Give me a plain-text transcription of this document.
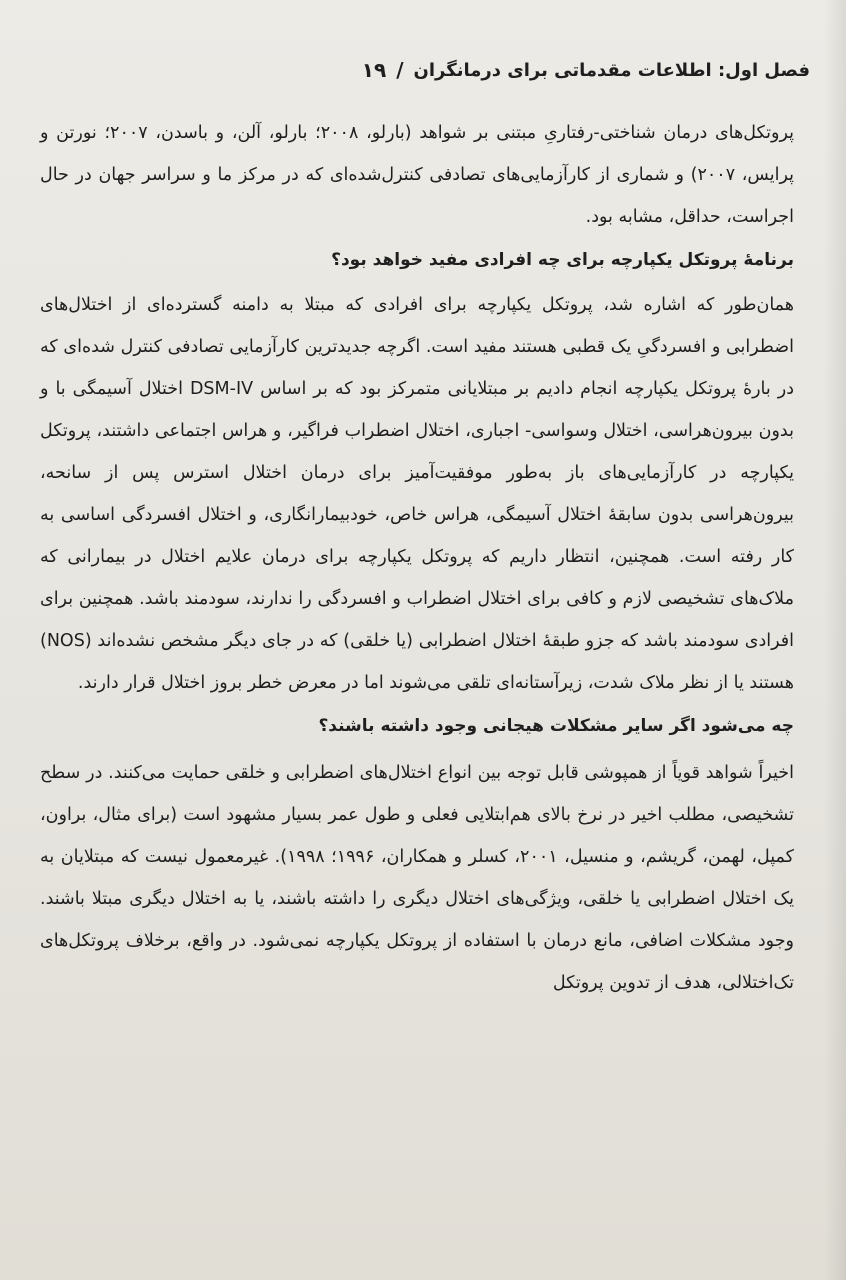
فصل اول: اطلاعات مقدماتی برای درمانگران
/
۱۹

پروتکل‌های درمان شناختی-رفتاریِ مبتنی بر شواهد (بارلو، ۲۰۰۸؛ بارلو، آلن، و باسدن، ۲۰۰۷؛ نورتن و پرایس، ۲۰۰۷) و شماری از کارآزمایی‌های تصادفی کنترل‌شده‌ای که در مرکز ما و سراسر جهان در حال اجراست، حداقل، مشابه بود.

برنامهٔ پروتکل یکپارچه برای چه افرادی مفید خواهد بود؟

همان‌طور که اشاره شد، پروتکل یکپارچه برای افرادی که مبتلا به دامنه گسترده‌ای از اختلال‌های اضطرابی و افسردگیِ یک قطبی هستند مفید است. اگرچه جدیدترین کارآزمایی تصادفی کنترل شده‌ای که در بارهٔ پروتکل یکپارچه انجام دادیم بر مبتلایانی متمرکز بود که بر اساس DSM-IV اختلال آسیمگی با و بدون بیرون‌هراسی، اختلال وسواسی- اجباری، اختلال اضطراب فراگیر، و هراس اجتماعی داشتند، پروتکل یکپارچه در کارآزمایی‌های باز به‌طور موفقیت‌آمیز برای درمان اختلال استرس پس از سانحه، بیرون‌هراسی بدون سابقهٔ اختلال آسیمگی، هراس خاص، خودبیمارانگاری، و اختلال افسردگی اساسی به کار رفته است. همچنین، انتظار داریم که پروتکل یکپارچه برای درمان علایم اختلال در بیمارانی که ملاک‌های تشخیصی لازم و کافی برای اختلال اضطراب و افسردگی را ندارند، سودمند باشد. همچنین برای افرادی سودمند باشد که جزو طبقهٔ اختلال اضطرابی (یا خلقی) که در جای دیگر مشخص نشده‌اند (NOS) هستند یا از نظر ملاک شدت، زیرآستانه‌ای تلقی می‌شوند اما در معرض خطر بروز اختلال قرار دارند.

چه می‌شود اگر سایر مشکلات هیجانی وجود داشته باشند؟

اخیراً شواهد قویاً از همپوشی قابل توجه بین انواع اختلال‌های اضطرابی و خلقی حمایت می‌کنند. در سطح تشخیصی، مطلب اخیر در نرخ بالای هم‌ابتلایی فعلی و طول عمر بسیار مشهود است (برای مثال، براون، کمپل، لهمن، گریشم، و منسیل، ۲۰۰۱، کسلر و همکاران، ۱۹۹۶؛ ۱۹۹۸). غیرمعمول نیست که مبتلایان به یک اختلال اضطرابی یا خلقی، ویژگی‌های اختلال دیگری را داشته باشند، یا به اختلال دیگری مبتلا باشند. وجود مشکلات اضافی، مانع درمان با استفاده از پروتکل یکپارچه نمی‌شود. در واقع، برخلاف پروتکل‌های تک‌اختلالی، هدف از تدوین پروتکل
